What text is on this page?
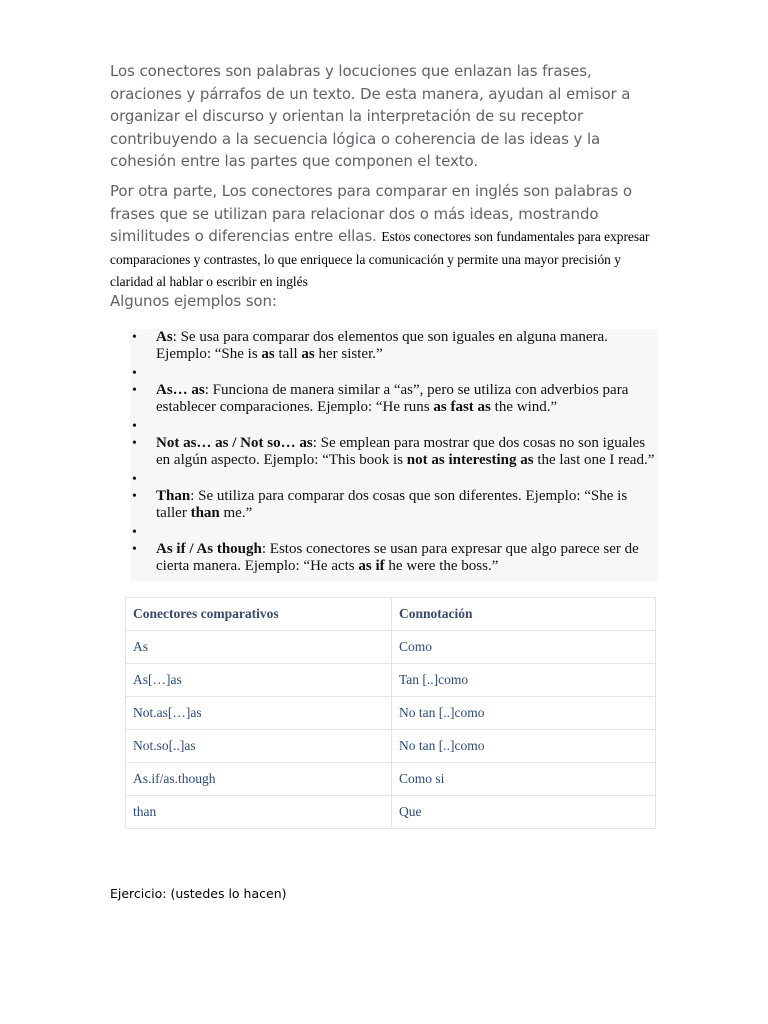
Los conectores son palabras y locuciones que enlazan las frases, oraciones y párrafos de un texto. De esta manera, ayudan al emisor a organizar el discurso y orientan la interpretación de su receptor contribuyendo a la secuencia lógica o coherencia de las ideas y la cohesión entre las partes que componen el texto.
Por otra parte, Los conectores para comparar en inglés son palabras o frases que se utilizan para relacionar dos o más ideas, mostrando similitudes o diferencias entre ellas. Estos conectores son fundamentales para expresar comparaciones y contrastes, lo que enriquece la comunicación y permite una mayor precisión y claridad al hablar o escribir en inglés
Algunos ejemplos son:
• As: Se usa para comparar dos elementos que son iguales en alguna manera. Ejemplo: “She is as tall as her sister.”
•
• As… as: Funciona de manera similar a “as”, pero se utiliza con adverbios para establecer comparaciones. Ejemplo: “He runs as fast as the wind.”
•
• Not as… as / Not so… as: Se emplean para mostrar que dos cosas no son iguales en algún aspecto. Ejemplo: “This book is not as interesting as the last one I read.”
•
• Than: Se utiliza para comparar dos cosas que son diferentes. Ejemplo: “She is taller than me.”
•
• As if / As though: Estos conectores se usan para expresar que algo parece ser de cierta manera. Ejemplo: “He acts as if he were the boss.”
Conectores comparativos	Connotación
As	Como
As[…]as	Tan [..]como
Not.as[…]as	No tan [..]como
Not.so[..]as	No tan [..]como
As.if/as.though	Como si
than	Que
Ejercicio: (ustedes lo hacen)
